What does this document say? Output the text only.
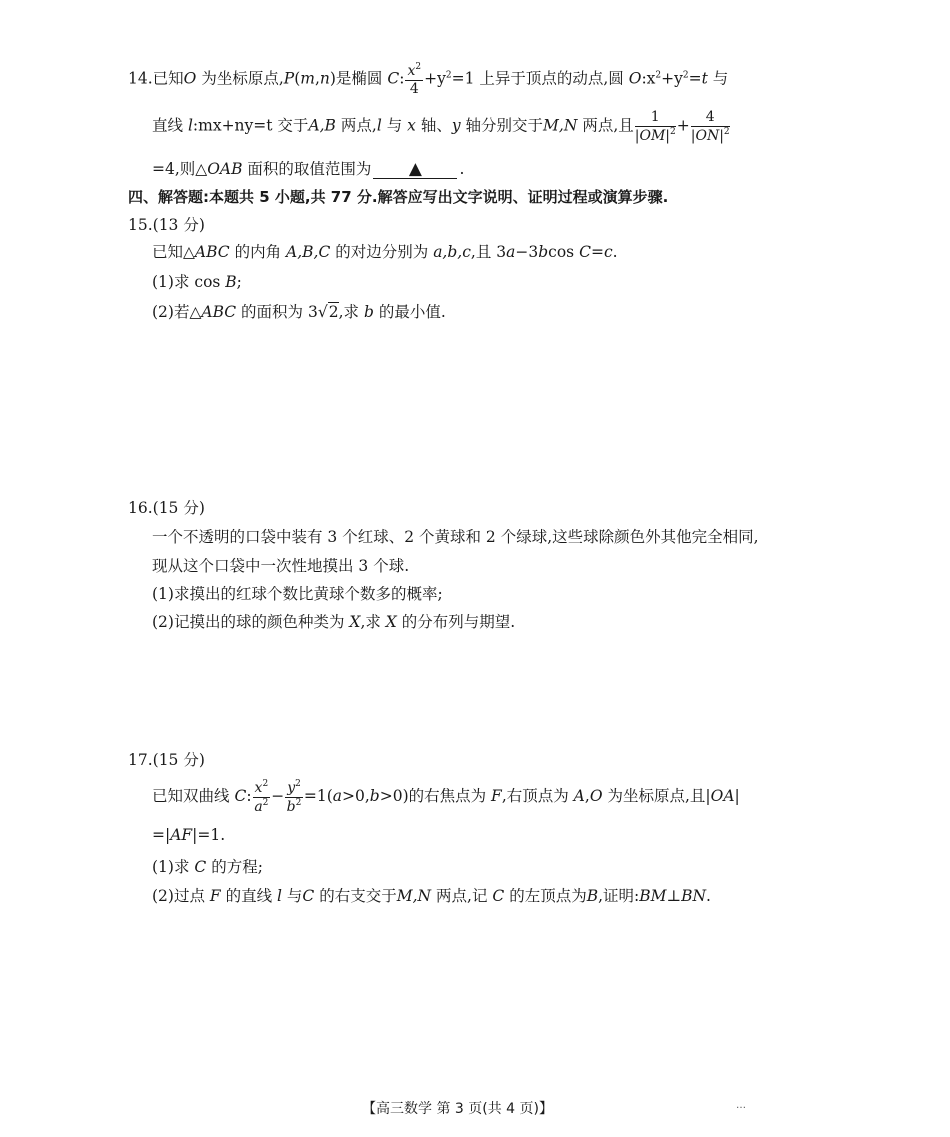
14.已知O 为坐标原点,P(m,n)是椭圆 C: $\frac{x^2}{4} +y^2=1$ 上异于顶点的动点,圆 $O:x^2+y^2=t$ 与
直线 l:mx+ny=t 交于A,B 两点,l 与 x 轴、y 轴分别交于M,N 两点,且 $\frac{1}{|OM|^2} + \frac{4}{|ON|^2}$
=4,则△OAB 面积的取值范围为 ▲ .
四、解答题:本题共 5 小题,共 77 分.解答应写出文字说明、证明过程或演算步骤.
15.(13 分)
已知△ABC 的内角 A,B,C 的对边分别为 a,b,c,且 3a−3bcos C=c.
(1)求 cos B;
(2)若△ABC 的面积为 3√2,求 b 的最小值.
16.(15 分)
一个不透明的口袋中装有 3 个红球、2 个黄球和 2 个绿球,这些球除颜色外其他完全相同,
现从这个口袋中一次性地摸出 3 个球.
(1)求摸出的红球个数比黄球个数多的概率;
(2)记摸出的球的颜色种类为 X,求 X 的分布列与期望.
17.(15 分)
已知双曲线 C: $\frac{x^2}{a^2} - \frac{y^2}{b^2} =1(a>0,b>0)$的右焦点为 F,右顶点为 A,O 为坐标原点,且|OA|
=|AF|=1.
(1)求 C 的方程;
(2)过点 F 的直线 l 与C 的右支交于M,N 两点,记 C 的左顶点为B,证明:BM⊥BN.
【高三数学 第 3 页(共 4 页)】	…
